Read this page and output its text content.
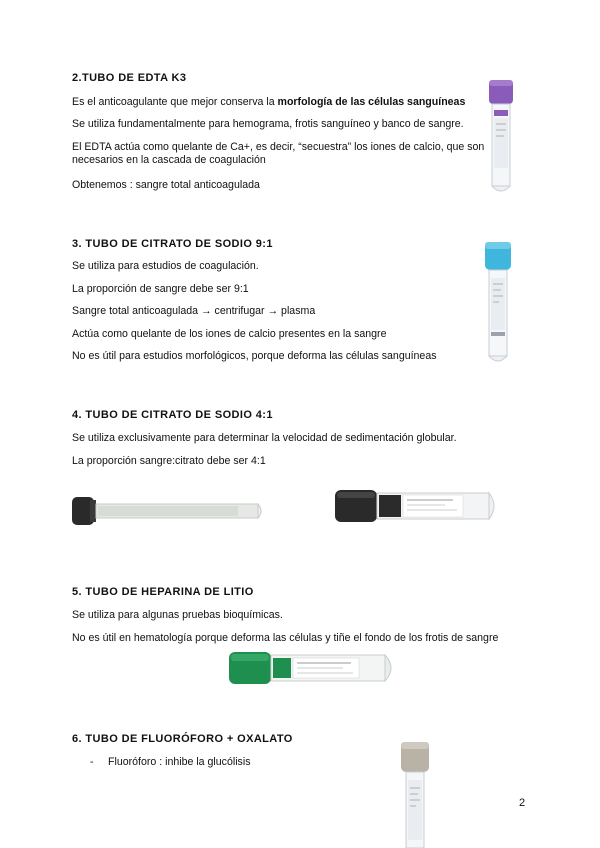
2.TUBO DE EDTA K3
Es el anticoagulante que mejor conserva la morfología de las células sanguíneas
Se utiliza fundamentalmente para hemograma, frotis sanguíneo y banco de sangre.
El EDTA actúa como quelante de Ca+, es decir, “secuestra” los iones de calcio, que son necesarios en la cascada de coagulación
Obtenemos : sangre total anticoagulada
3. TUBO DE CITRATO DE SODIO 9:1
Se utiliza para estudios de coagulación.
La proporción de sangre debe ser 9:1
Sangre total anticoagulada → centrifugar → plasma
Actúa como quelante de los iones de calcio presentes en la sangre
No es útil para estudios morfológicos, porque deforma las células sanguíneas
4. TUBO DE CITRATO DE SODIO 4:1
Se utiliza exclusivamente para determinar la velocidad de sedimentación globular.
La proporción sangre:citrato debe ser 4:1
5. TUBO DE HEPARINA DE LITIO
Se utiliza para algunas pruebas bioquímicas.
No es útil en hematología porque deforma las células y tiñe el fondo de los frotis de sangre
6. TUBO DE FLUORÓFORO + OXALATO
- Fluoróforo : inhibe la glucólisis
2
